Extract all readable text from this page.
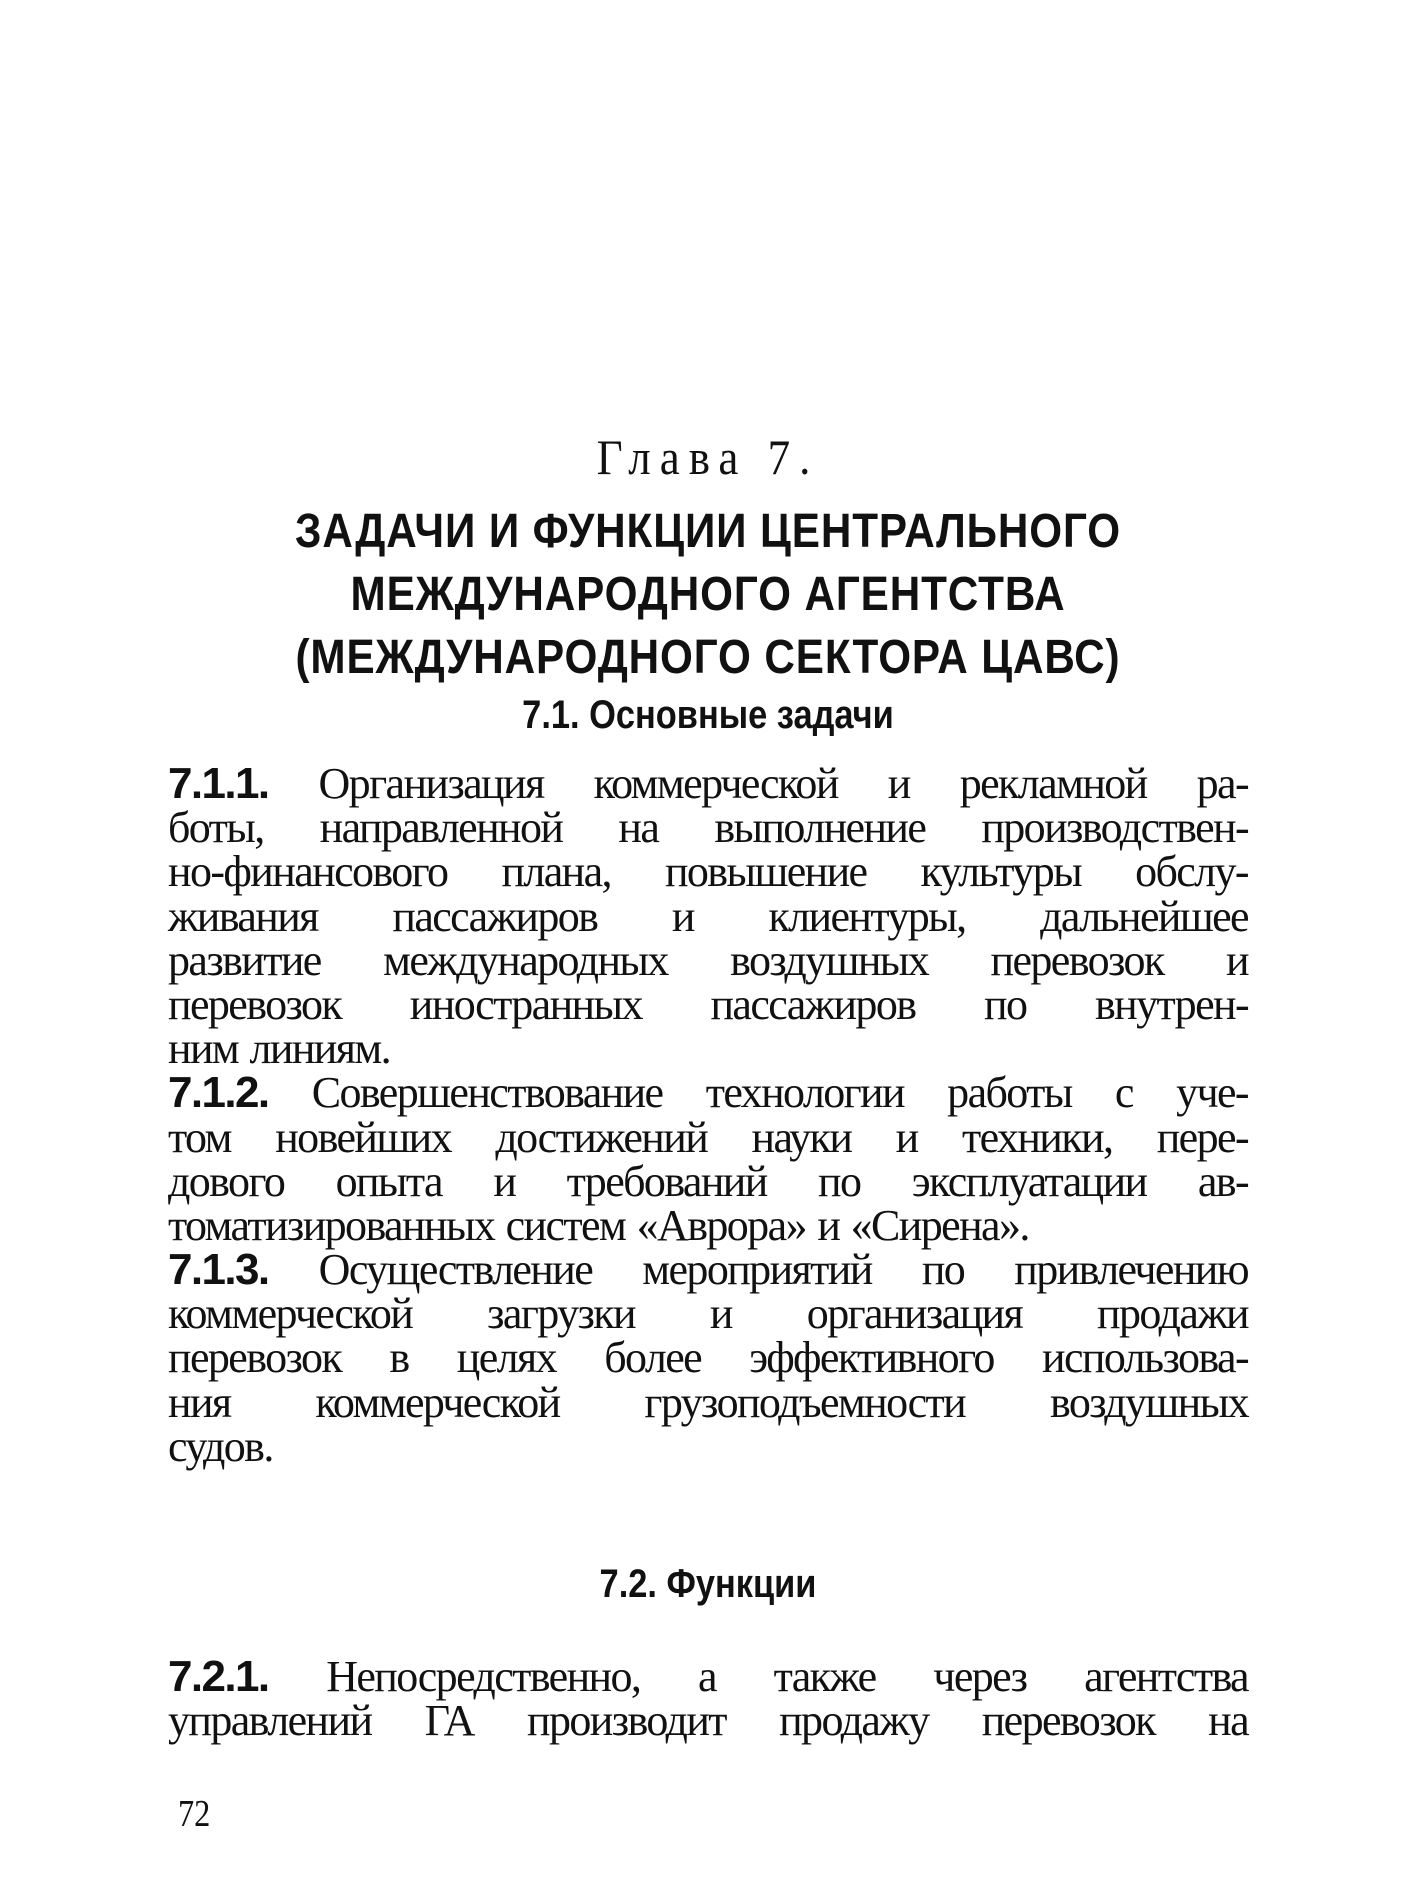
Глава 7.
ЗАДАЧИ И ФУНКЦИИ ЦЕНТРАЛЬНОГО
МЕЖДУНАРОДНОГО АГЕНТСТВА
(МЕЖДУНАРОДНОГО СЕКТОРА ЦАВС)
7.1. Основные задачи
7.1.1. Организация коммерческой и рекламной ра-
боты, направленной на выполнение производствен-
но-финансового плана, повышение культуры обслу-
живания пассажиров и клиентуры, дальнейшее
развитие международных воздушных перевозок и
перевозок иностранных пассажиров по внутрен-
ним линиям.
7.1.2. Совершенствование технологии работы с уче-
том новейших достижений науки и техники, пере-
дового опыта и требований по эксплуатации ав-
томатизированных систем «Аврора» и «Сирена».
7.1.3. Осуществление мероприятий по привлечению
коммерческой загрузки и организация продажи
перевозок в целях более эффективного использова-
ния коммерческой грузоподъемности воздушных
судов.
7.2. Функции
7.2.1. Непосредственно, а также через агентства
управлений ГА производит продажу перевозок на
72
